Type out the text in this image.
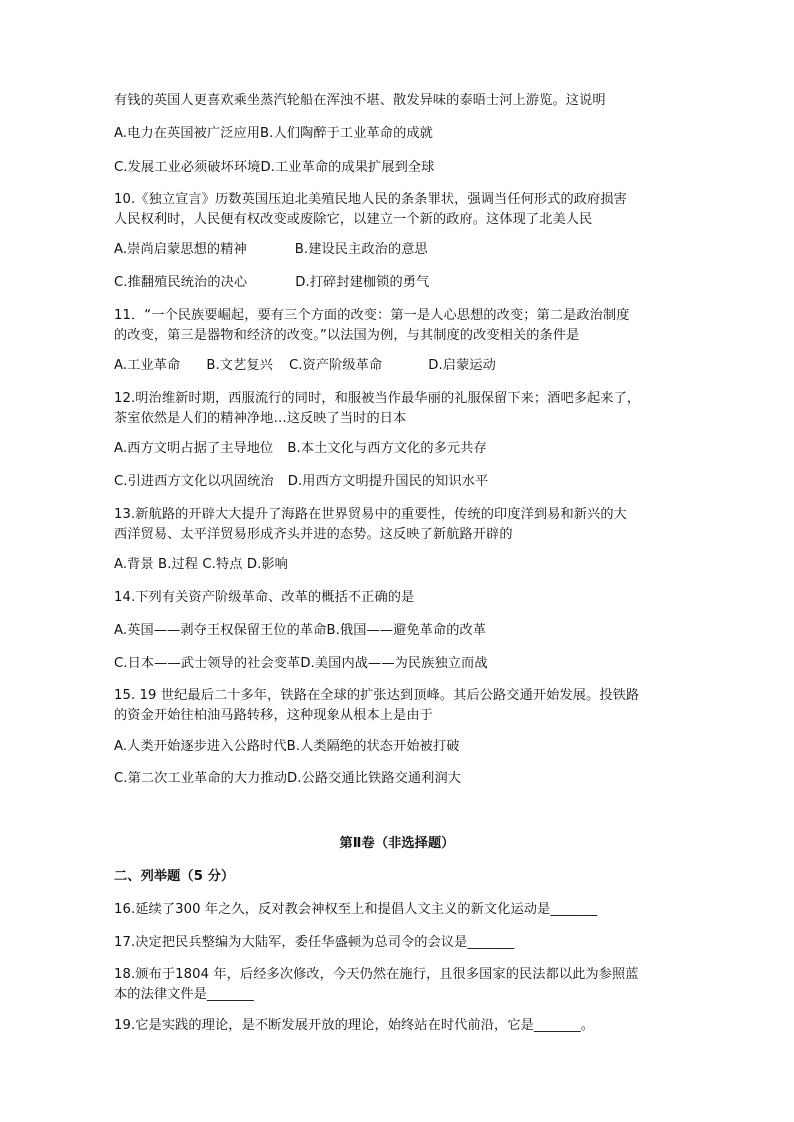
有钱的英国人更喜欢乘坐蒸汽轮船在浑浊不堪、散发异味的泰晤士河上游览。这说明
A.电力在英国被广泛应用B.人们陶醉于工业革命的成就
C.发展工业必须破坏环境D.工业革命的成果扩展到全球
10.《独立宣言》历数英国压迫北美殖民地人民的条条罪状，强调当任何形式的政府损害
人民权利时，人民便有权改变或废除它，以建立一个新的政府。这体现了北美人民
A.崇尚启蒙思想的精神	B.建设民主政治的意思
C.推翻殖民统治的决心	D.打碎封建枷锁的勇气
11．“一个民族要崛起，要有三个方面的改变：第一是人心思想的改变；第二是政治制度
的改变，第三是器物和经济的改变。”以法国为例，与其制度的改变相关的条件是
A.工业革命 B.文艺复兴 C.资产阶级革命	D.启蒙运动
12.明治维新时期，西服流行的同时，和服被当作最华丽的礼服保留下来；酒吧多起来了，
茶室依然是人们的精神净地…这反映了当时的日本
A.西方文明占据了主导地位 B.本土文化与西方文化的多元共存
C.引进西方文化以巩固统治 D.用西方文明提升国民的知识水平
13.新航路的开辟大大提升了海路在世界贸易中的重要性，传统的印度洋到易和新兴的大
西洋贸易、太平洋贸易形成齐头并进的态势。这反映了新航路开辟的
A.背景 B.过程 C.特点 D.影响
14.下列有关资产阶级革命、改革的概括不正确的是
A.英国——剥夺王权保留王位的革命B.俄国——避免革命的改革
C.日本——武士领导的社会变革D.美国内战——为民族独立而战
15. 19 世纪最后二十多年，铁路在全球的扩张达到顶峰。其后公路交通开始发展。投铁路
的资金开始往柏油马路转移，这种现象从根本上是由于
A.人类开始逐步进入公路时代B.人类隔绝的状态开始被打破
C.第二次工业革命的大力推动D.公路交通比铁路交通利润大
第Ⅱ卷（非选择题）
二、列举题（5 分）
16.延续了300 年之久，反对教会神权至上和提倡人文主义的新文化运动是_______
17.决定把民兵整编为大陆军，委任华盛顿为总司令的会议是_______
18.颁布于1804 年，后经多次修改，今天仍然在施行，且很多国家的民法都以此为参照蓝
本的法律文件是_______
19.它是实践的理论，是不断发展开放的理论，始终站在时代前沿，它是_______。
